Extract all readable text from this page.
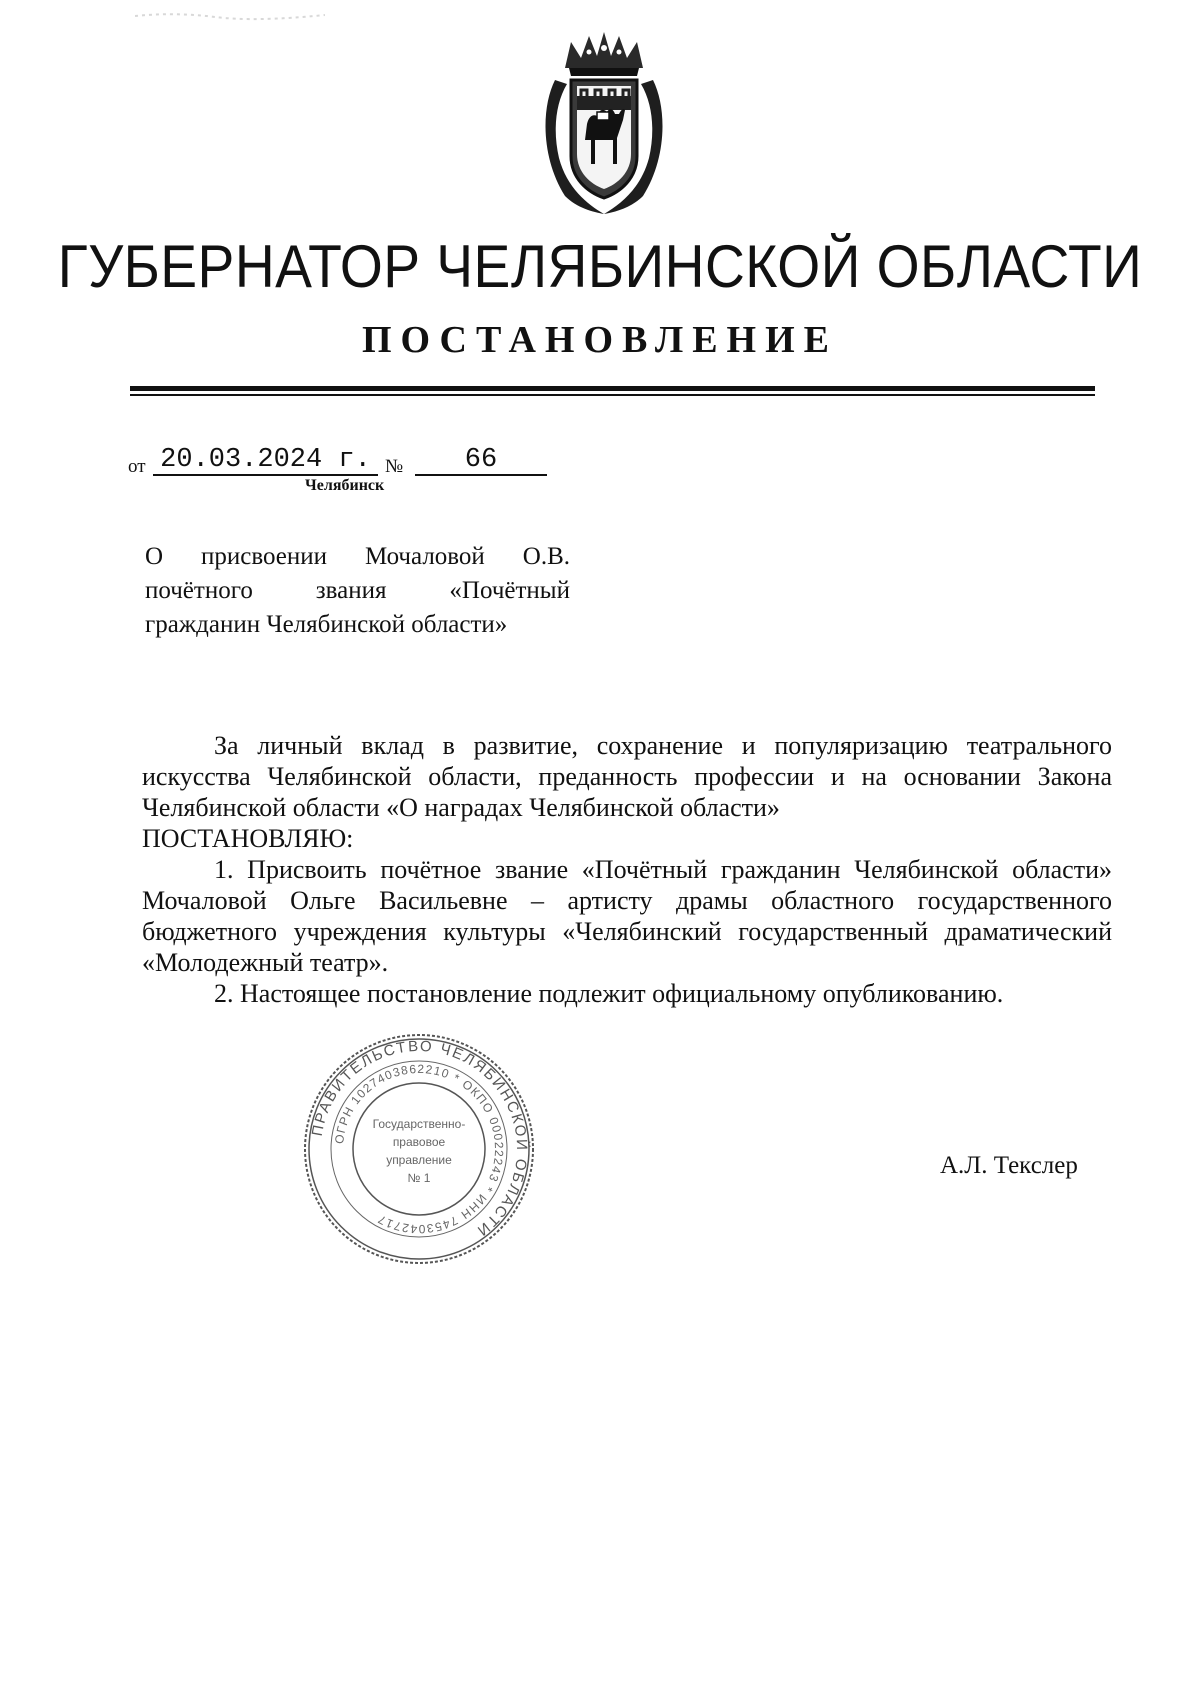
ГУБЕРНАТОР ЧЕЛЯБИНСКОЙ ОБЛАСТИ
ПОСТАНОВЛЕНИЕ
от 20.03.2024 г. №	66
Челябинск
О присвоении Мочаловой О.В. почётного звания «Почётный гражданин Челябинской области»

За личный вклад в развитие, сохранение и популяризацию театрального искусства Челябинской области, преданность профессии и на основании Закона Челябинской области «О наградах Челябинской области»

ПОСТАНОВЛЯЮ:

1. Присвоить почётное звание «Почётный гражданин Челябинской области» Мочаловой Ольге Васильевне – артисту драмы областного государственного бюджетного учреждения культуры «Челябинский государственный драматический «Молодежный театр».

2. Настоящее постановление подлежит официальному опубликованию.

ПРАВИТЕЛЬСТВО ЧЕЛЯБИНСКОЙ ОБЛАСТИ
ОГРН 1027403862210 * ОКПО 00022243 * ИНН 7453042717
Государственно-
правовое
управление
№ 1	А.Л. Текслер
